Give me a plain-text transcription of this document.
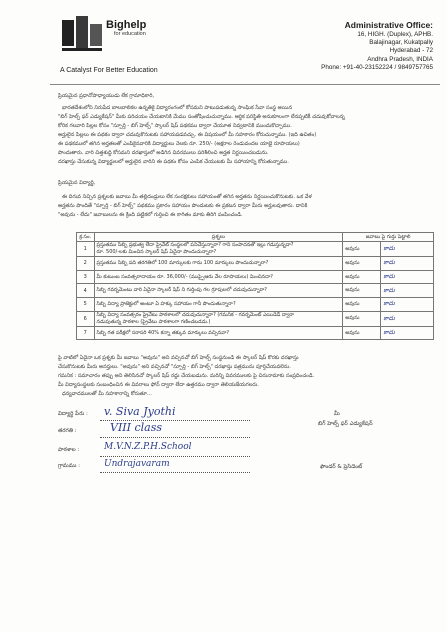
Bighelp
for education
A Catalyst For Better Education
Administrative Office:
16, HIGH. (Duplex), APHB.
Balajinagar, Kukatpally
Hyderabad - 72
Andhra Pradesh, INDIA
Phone: +91-40-23152224 / 9849757765
ప్రియమైన ప్రధానోపాధ్యాయుడు లేక గ్రామాధికారి,
భారతదేశంలోని నిరుపేద బాలబాలికల ఉన్నతికై విద్యారంగంలో కోసమని పాటుపడుతున్న సాంఘిక సేవా సంస్థ అయిన
"బిగ్ హెల్ప్ ఫర్ ఎడ్యుకేషన్" మీకు పరిచయం చేయటానికి మేము సంతోషించుచున్నాము. ఆర్థిక పరిస్థితి అనుకూలంగా లేనప్పటికీ చదువుకోవాలన్న
కోరిక గలవారి పిల్లల కోసం "స్పూర్తి - బిగ్ హెల్ప్" స్కాలర్ షిప్ పథకము ద్వారా చేయూత నివ్వటానికి ముందుకొచ్చాము.
అర్హులైన పిల్లలు ఈ పథకం ద్వారా చదువుకొనుటకు సహాయపడవచ్చు. ఈ విషయంలో మీ సహకారం కోరుచున్నాము. (ఇది ఉచితం)
ఈ పథకములో తగిన అర్హతలతో ఎంపికైనవారికి విద్యార్థులు నెలకు రూ. 250/- (అక్షరాల రెండువందల యాభై రూపాయలు)
పొందుతారు. వారి చిత్తశుద్ధి కోసమని దరఖాస్తులో అడిగిన వివరములు పరిశీలించి అర్హత నిర్ణయించబడును.
దరఖాస్తు చేసుకున్న విద్యార్థులలో అర్హులైన వారిని ఈ పథకం కోసం ఎంపిక చేయుటకు మీ సహాయాన్ని కోరుతున్నాము.
ప్రియమైన విద్యార్థి,
ఈ దిగువ నిచ్చిన ప్రశ్నలకు జవాబు మీ తల్లిదండ్రులు లేక సంరక్షకులు సహాయంతో తగిన అర్హతను నిర్ణయించుకొనుటకు. ఒక వేళ
అర్హతను పొందితే "స్పూర్తి - బిగ్ హెల్ప్" పథకము ప్రకారం సహాయం పొందుటకు ఈ ప్రకటన ద్వారా మీరు అర్హులవుతారు. దానికి
"అవును - లేదు" జవాబులను ఈ క్రింది పట్టికలో గుర్తించి ఈ కాగితం మాకు తిరిగి పంపించండి.
క్ర.సం.	ప్రశ్నలు	జవాబు పై గుర్తు పెట్టాలి	
1	ప్రస్తుతము సిబ్బి ప్రభుత్వ లేదా ప్రైవేట్ సంస్థలలో పనిచేస్తున్నారా? గాని సంపాదనతో ఇల్లు గడుస్తున్నదా?
రూ. 500/-లకు మించిన స్కాలర్ షిప్ ఏదైనా పొందుచున్నారా?	అవును	కాదు
2	ప్రస్తుతము సిబ్బి పది తరగతిలో 100 మార్కులకు గాను 100 మార్కులు పొందుచున్నారా?	అవును	కాదు
3	మీ కుటుంబ సంవత్సరాదాయం రూ. 36,000/- (ముప్పైఆరు వేల రూపాయలు) మించినదా?	అవును	కాదు
4	సిబ్బి గవర్నమెంటు వారి ఏదైనా స్కాలర్ షిప్ ని గుర్తింపు గల గ్రూపులలో చదువుచున్నారా?	అవును	కాదు
5	సిబ్బి విద్యా ప్రాజెక్టులో అంటూ ఏ హక్కు సహాయం గానీ పొందుతున్నారా?	అవును	కాదు
6	సిబ్బి విద్యా సంవత్సరం ప్రైవేటు పాఠశాలలో చదువుచున్నారా? (గమనిక - గవర్నమెంట్ ఎయిడెడ్ ద్వారా
నడుపుతున్న పాఠశాల (ప్రైవేటు పాఠశాలగా గణించబడదు.)	అవును	కాదు
7	సిబ్బి గత పరీక్షలో సరాసరి 40% కన్నా తక్కువ మార్కులు వచ్చినవా?	అవును	కాదు
పై వాటిలో ఏదైనా ఒక ప్రశ్నకు మీ జవాబు "అవును" అని వచ్చినచో బిగ్ హెల్ప్ సంస్థనుండి ఈ స్కాలర్ షిప్ కొరకు దరఖాస్తు
చేసుకొనుటకు మీరు అనర్హులు. "అవును" అని వచ్చినచో "స్పూర్తి - బిగ్ హెల్ప్" దరఖాస్తు పత్రమును పూర్తిచేయవలెను.
గమనిక : సమాచారం తప్పు అని తెలిసినచో స్కాలర్ షిప్ రద్దు చేయబడును. మరిన్ని వివరములకు పై చిరునామాకు సంప్రదించండి.
మీ విద్యాసంస్థలకు సంబంధించిన ఈ వివరాలు ఫోన్ ద్వారా లేదా ఉత్తరము ద్వారా తెలియజేయగలరు.
ధన్యవాదములతో మీ సహకారాన్ని కోరుతూ...
విద్యార్థి పేరు : v. Siva Jyothi
తరగతి :	VIII class
పాఠశాల :	M.V.N.Z.P.H.School
గ్రామము :	Undrajavaram
మీ
బిగ్ హెల్ప్ ఫర్ ఎడ్యుకేషన్
ఫౌండర్ & ప్రెసిడెంట్
